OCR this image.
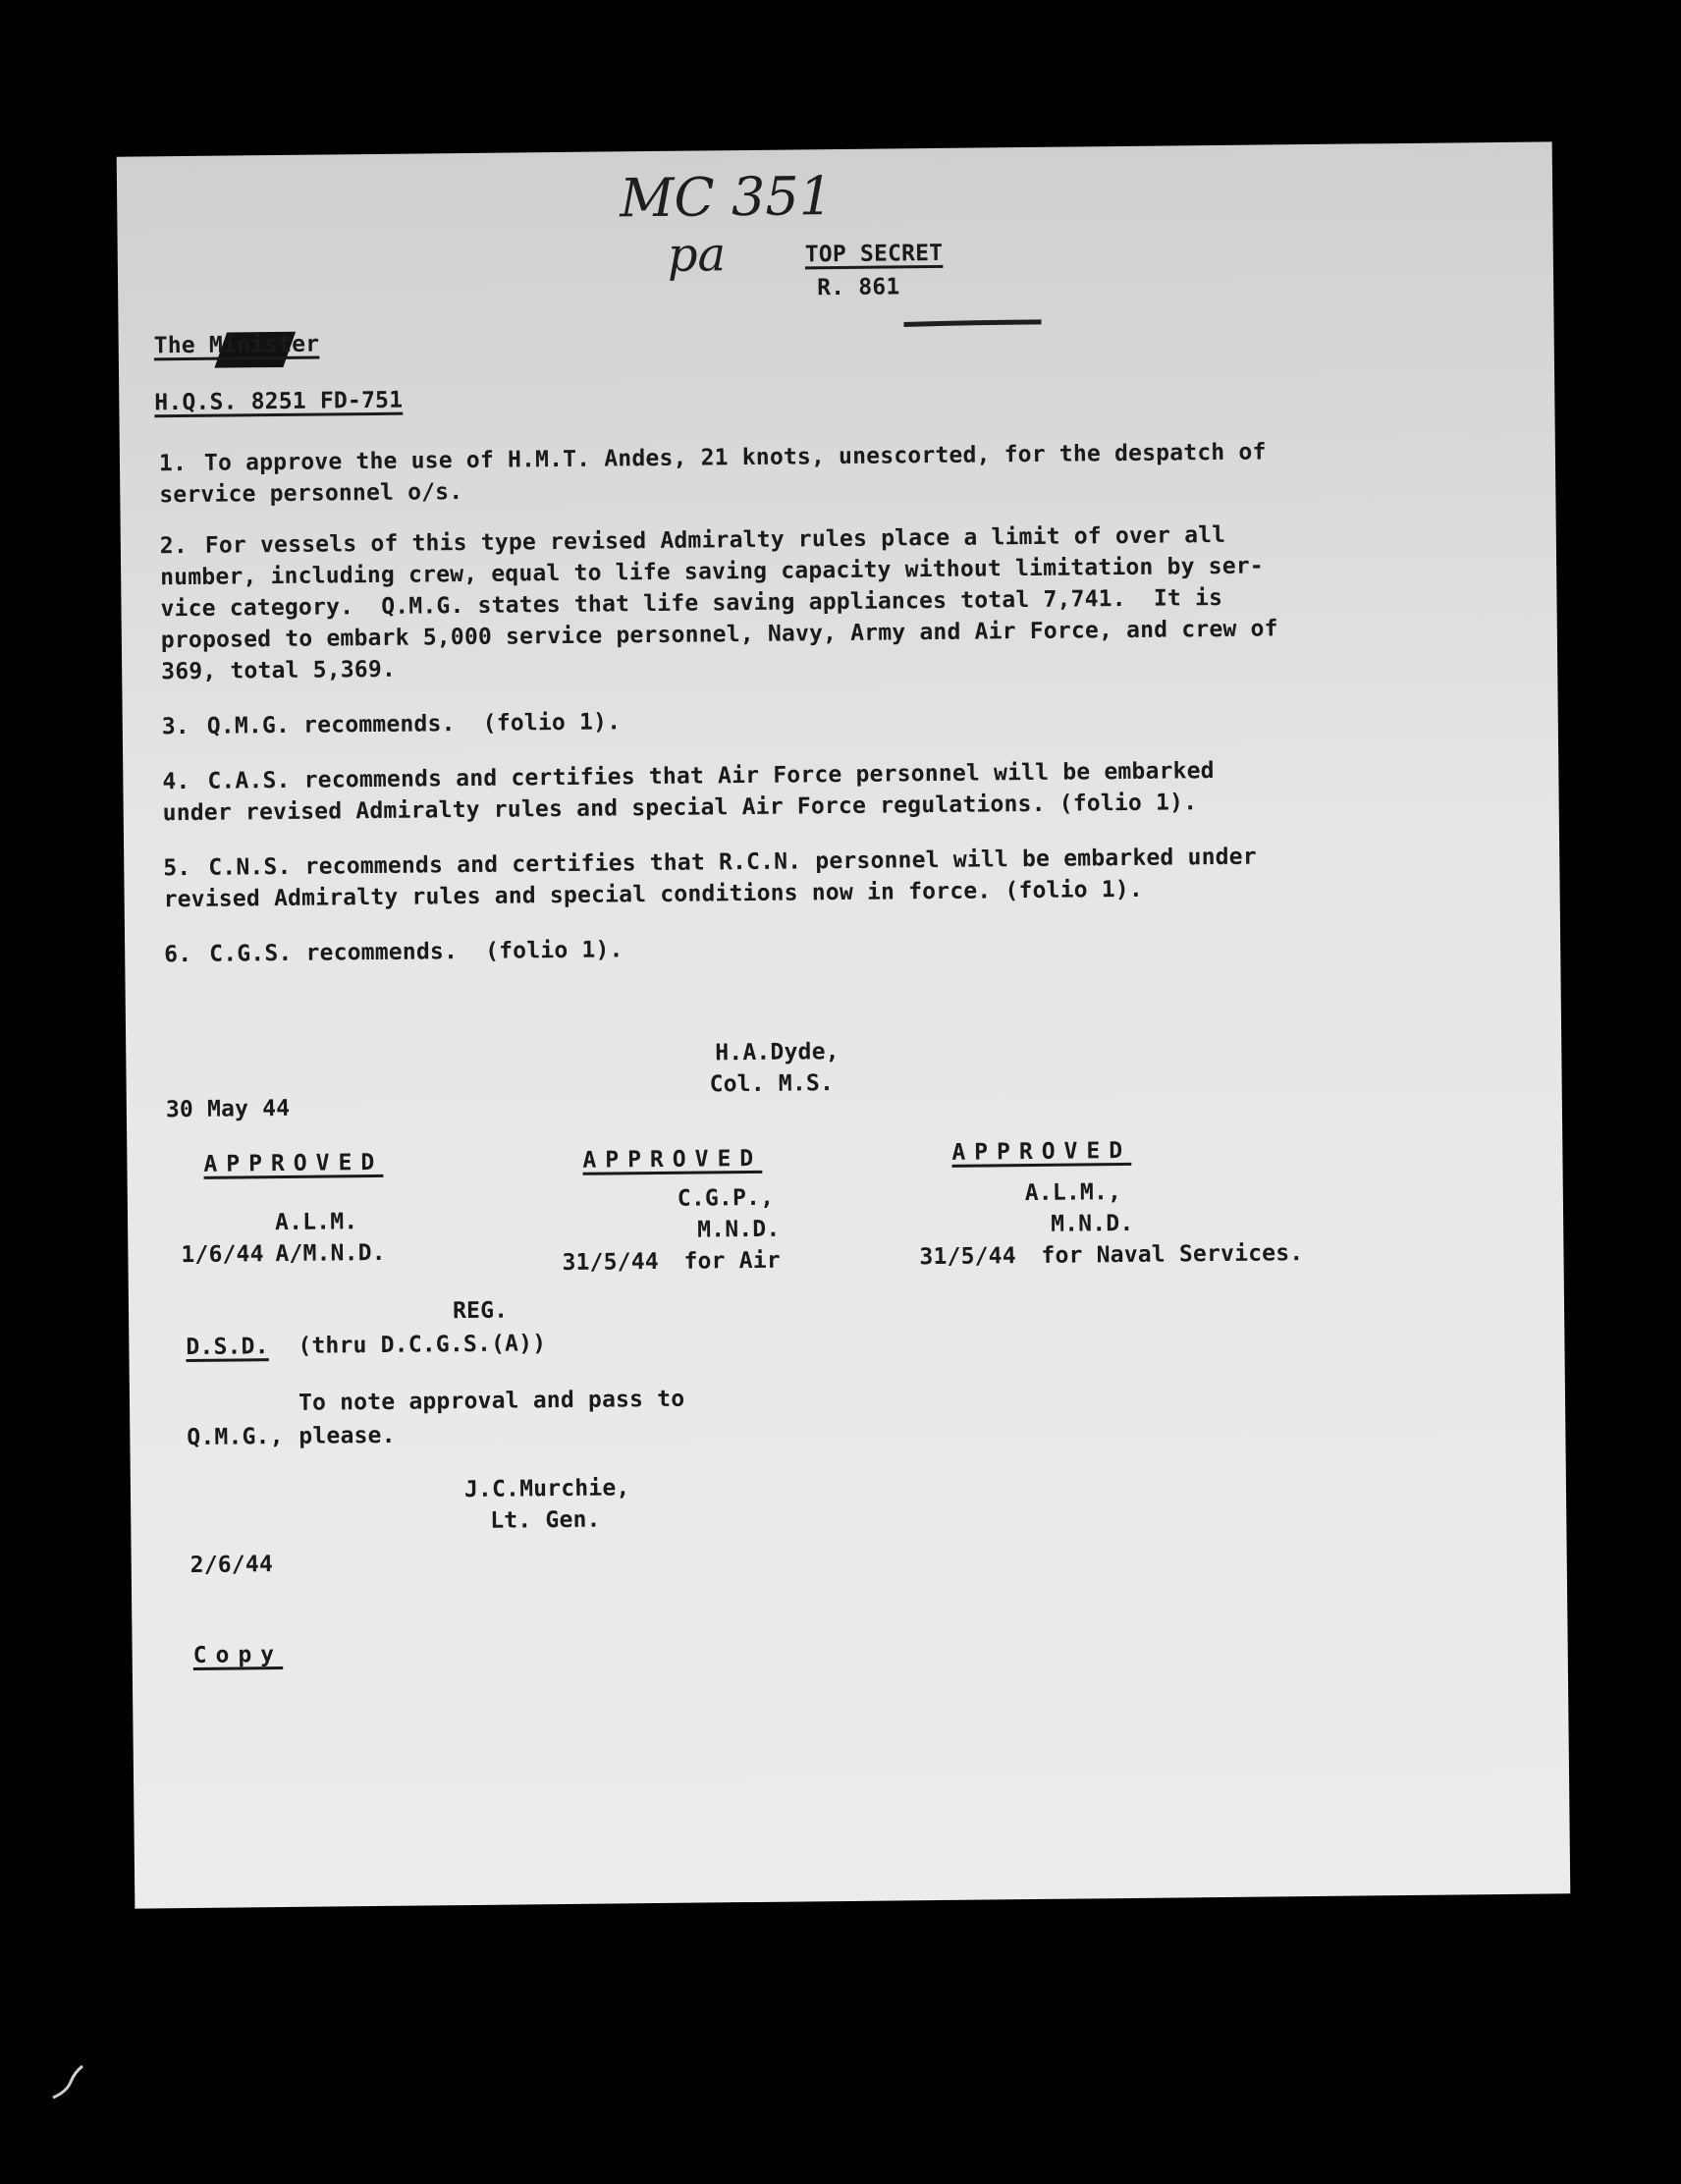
MC 351
pa	TOP SECRET
R. 861
The Minister
H.Q.S. 8251 FD-751
1. To approve the use of H.M.T. Andes, 21 knots, unescorted, for the despatch of
service personnel o/s.
2. For vessels of this type revised Admiralty rules place a limit of over all
number, including crew, equal to life saving capacity without limitation by ser-
vice category.  Q.M.G. states that life saving appliances total 7,741.  It is
proposed to embark 5,000 service personnel, Navy, Army and Air Force, and crew of
369, total 5,369.
3. Q.M.G. recommends.  (folio 1).
4. C.A.S. recommends and certifies that Air Force personnel will be embarked
under revised Admiralty rules and special Air Force regulations. (folio 1).
5. C.N.S. recommends and certifies that R.C.N. personnel will be embarked under
revised Admiralty rules and special conditions now in force. (folio 1).
6. C.G.S. recommends.  (folio 1).
H.A.Dyde,
Col. M.S.
30 May 44
APPROVED
A.L.M.
A/M.N.D.
1/6/44
APPROVED
C.G.P.,
M.N.D.
for Air
31/5/44
APPROVED
A.L.M.,
M.N.D.
for Naval Services.
31/5/44
REG.
D.S.D. (thru D.C.G.S.(A))
To note approval and pass to
Q.M.G., please.
J.C.Murchie,
Lt. Gen.
2/6/44
Copy
